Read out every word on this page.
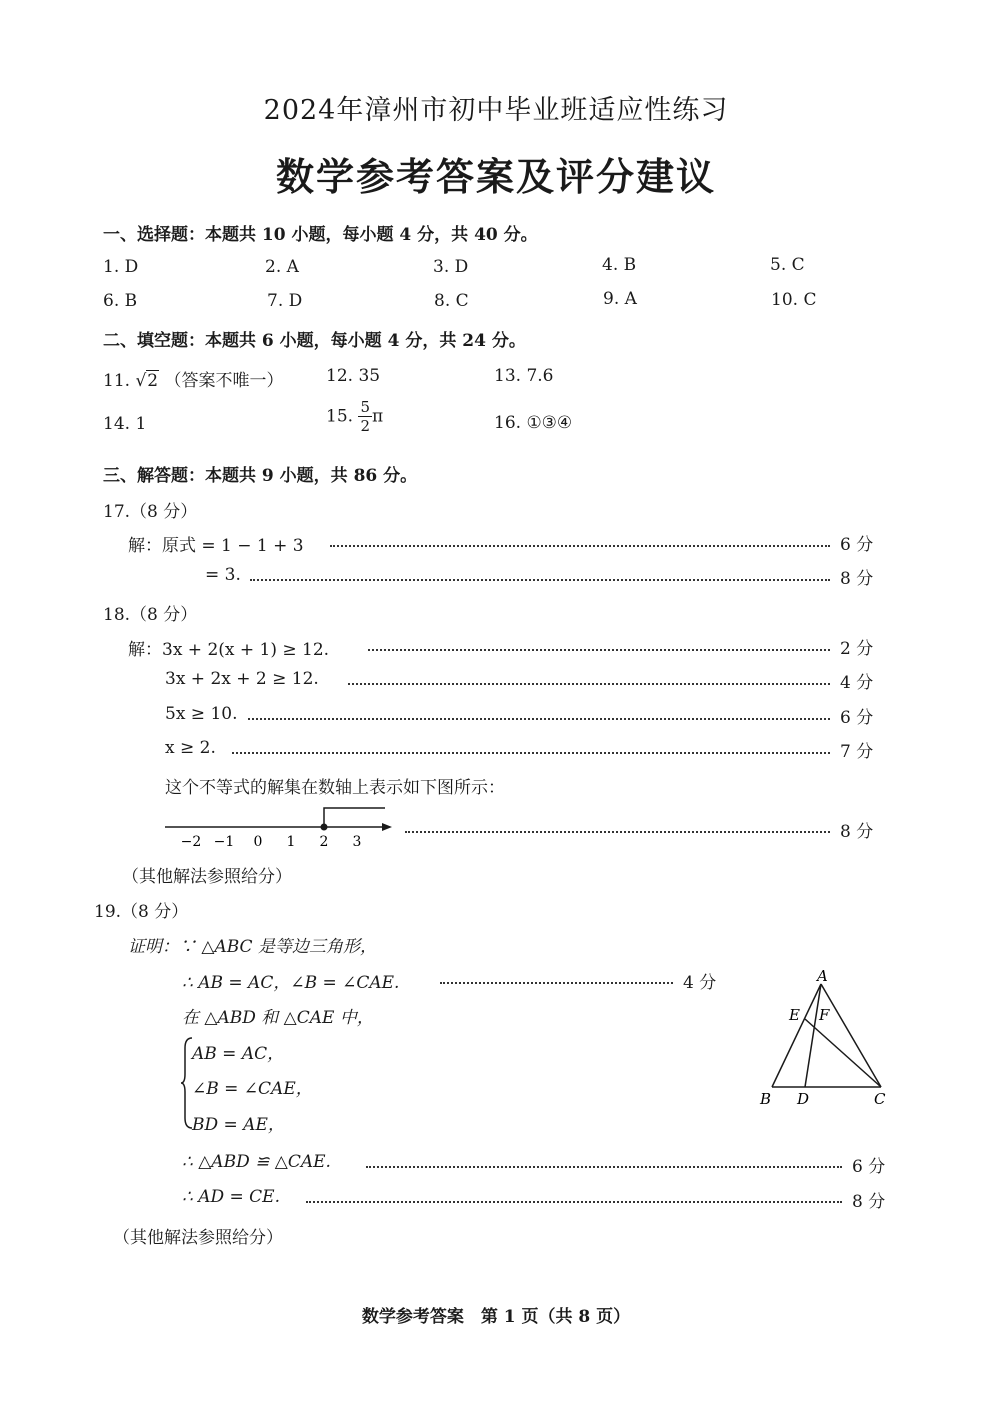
2024年漳州市初中毕业班适应性练习
数学参考答案及评分建议
一、选择题：本题共 10 小题，每小题 4 分，共 40 分。
1. D	2. A	3. D	4. B	5. C
6. B	7. D	8. C	9. A	10. C
二、填空题：本题共 6 小题，每小题 4 分，共 24 分。
11. √2 （答案不唯一） 12. 35	13. 7.6
14. 1	15. $\frac{5}{2}$ π	16. ①③④
三、解答题：本题共 9 小题，共 86 分。
17.（8 分）
解：原式 = 1 − 1 + 3	6 分
= 3.	8 分
18.（8 分）
解：3x + 2(x + 1) ≥ 12.	2 分
3x + 2x + 2 ≥ 12.	4 分
5x ≥ 10.	6 分
x ≥ 2.	7 分
这个不等式的解集在数轴上表示如下图所示：
−2 −1 0 1 2 3	8 分
（其他解法参照给分）
19.（8 分）
证明：∵ △ABC 是等边三角形，
∴ AB = AC，∠B = ∠CAE.	4 分
在 △ABD 和 △CAE 中，
AB = AC，
∠B = ∠CAE，
BD = AE，
∴ △ABD ≌ △CAE.	6 分
∴ AD = CE.	8 分
（其他解法参照给分）
A
B	C
D
E F
数学参考答案　第 1 页（共 8 页）
